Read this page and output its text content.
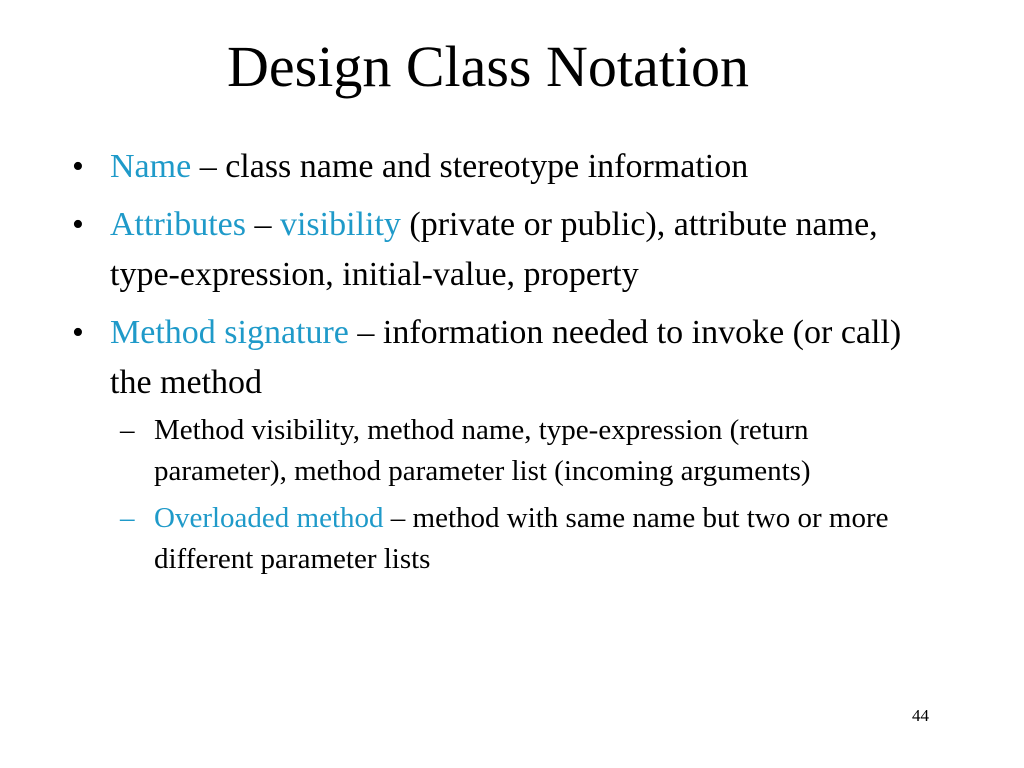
Design Class Notation
• Name – class name and stereotype information
• Attributes – visibility (private or public), attribute name, type-expression, initial-value, property
• Method signature – information needed to invoke (or call) the method
– Method visibility, method name, type-expression (return parameter), method parameter list (incoming arguments)
– Overloaded method – method with same name but two or more different parameter lists
44
